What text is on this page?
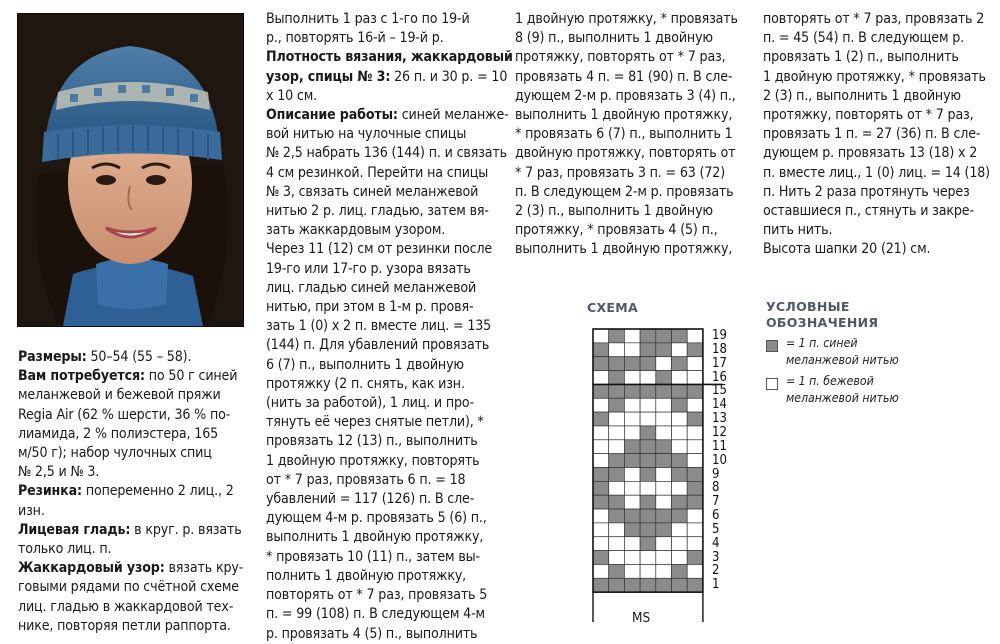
Размеры: 50–54 (55 – 58).

Вам потребуется: по 50 г синей

меланжевой и бежевой пряжи

Regia Air (62 % шерсти, 36 % по-

лиамида, 2 % полиэстера, 165

м/50 г); набор чулочных спиц

№ 2,5 и № 3.

Резинка: попеременно 2 лиц., 2

изн.

Лицевая гладь: в круг. р. вязать

только лиц. п.

Жаккардовый узор: вязать кру-

говыми рядами по счётной схеме

лиц. гладью в жаккардовой тех-

нике, повторяя петли раппорта.

Выполнить 1 раз с 1-го по 19-й

р., повторять 16-й – 19-й р.

Плотность вязания, жаккардовый

узор, спицы № 3: 26 п. и 30 р. = 10

х 10 см.

Описание работы: синей меланже-

вой нитью на чулочные спицы

№ 2,5 набрать 136 (144) п. и связать

4 см резинкой. Перейти на спицы

№ 3, связать синей меланжевой

нитью 2 р. лиц. гладью, затем вя-

зать жаккардовым узором.

Через 11 (12) см от резинки после

19-го или 17-го р. узора вязать

лиц. гладью синей меланжевой

нитью, при этом в 1-м р. провя-

зать 1 (0) х 2 п. вместе лиц. = 135

(144) п. Для убавлений провязать

6 (7) п., выполнить 1 двойную

протяжку (2 п. снять, как изн.

(нить за работой), 1 лиц. и про-

тянуть её через снятые петли), *

провязать 12 (13) п., выполнить

1 двойную протяжку, повторять

от * 7 раз, провязать 6 п. = 18

убавлений = 117 (126) п. В сле-

дующем 4-м р. провязать 5 (6) п.,

выполнить 1 двойную протяжку,

* провязать 10 (11) п., затем вы-

полнить 1 двойную протяжку,

повторять от * 7 раз, провязать 5

п. = 99 (108) п. В следующем 4-м

р. провязать 4 (5) п., выполнить

1 двойную протяжку, * провязать

8 (9) п., выполнить 1 двойную

протяжку, повторять от * 7 раз,

провязать 4 п. = 81 (90) п. В сле-

дующем 2-м р. провязать 3 (4) п.,

выполнить 1 двойную протяжку,

* провязать 6 (7) п., выполнить 1

двойную протяжку, повторять от

* 7 раз, провязать 3 п. = 63 (72)

п. В следующем 2-м р. провязать

2 (3) п., выполнить 1 двойную

протяжку, * провязать 4 (5) п.,

выполнить 1 двойную протяжку,

повторять от * 7 раз, провязать 2

п. = 45 (54) п. В следующем р.

провязать 1 (2) п., выполнить

1 двойную протяжку, * провязать

2 (3) п., выполнить 1 двойную

протяжку, повторять от * 7 раз,

провязать 1 п. = 27 (36) п. В сле-

дующем р. провязать 13 (18) х 2

п. вместе лиц., 1 (0) лиц. = 14 (18)

п. Нить 2 раза протянуть через

оставшиеся п., стянуть и закре-

пить нить.

Высота шапки 20 (21) см.

СХЕМА
19
18
17
16
15
14
13
12
11
10
9
8
7
6
5
4
3
2
1
MS
УСЛОВНЫЕ
ОБОЗНАЧЕНИЯ
= 1 п. синей
меланжевой нитью
= 1 п. бежевой
меланжевой нитью
